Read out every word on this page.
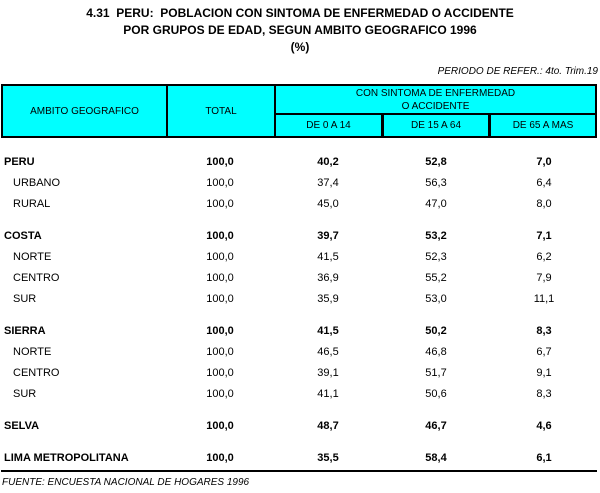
4.31  PERU:  POBLACION CON SINTOMA DE ENFERMEDAD O ACCIDENTE
POR GRUPOS DE EDAD, SEGUN AMBITO GEOGRAFICO 1996
(%)
PERIODO DE REFER.: 4to. Trim.19
AMBITO GEOGRAFICO	TOTAL
CON SINTOMA DE ENFERMEDAD
O ACCIDENTE
DE 0 A 14	DE 15 A 64	DE 65 A MAS
PERU	100,0	40,2	52,8	7,0
URBANO	100,0	37,4	56,3	6,4
RURAL	100,0	45,0	47,0	8,0
COSTA	100,0	39,7	53,2	7,1
NORTE	100,0	41,5	52,3	6,2
CENTRO	100,0	36,9	55,2	7,9
SUR	100,0	35,9	53,0	11,1
SIERRA	100,0	41,5	50,2	8,3
NORTE	100,0	46,5	46,8	6,7
CENTRO	100,0	39,1	51,7	9,1
SUR	100,0	41,1	50,6	8,3
SELVA	100,0	48,7	46,7	4,6
LIMA METROPOLITANA	100,0	35,5	58,4	6,1
FUENTE: ENCUESTA NACIONAL DE HOGARES 1996
